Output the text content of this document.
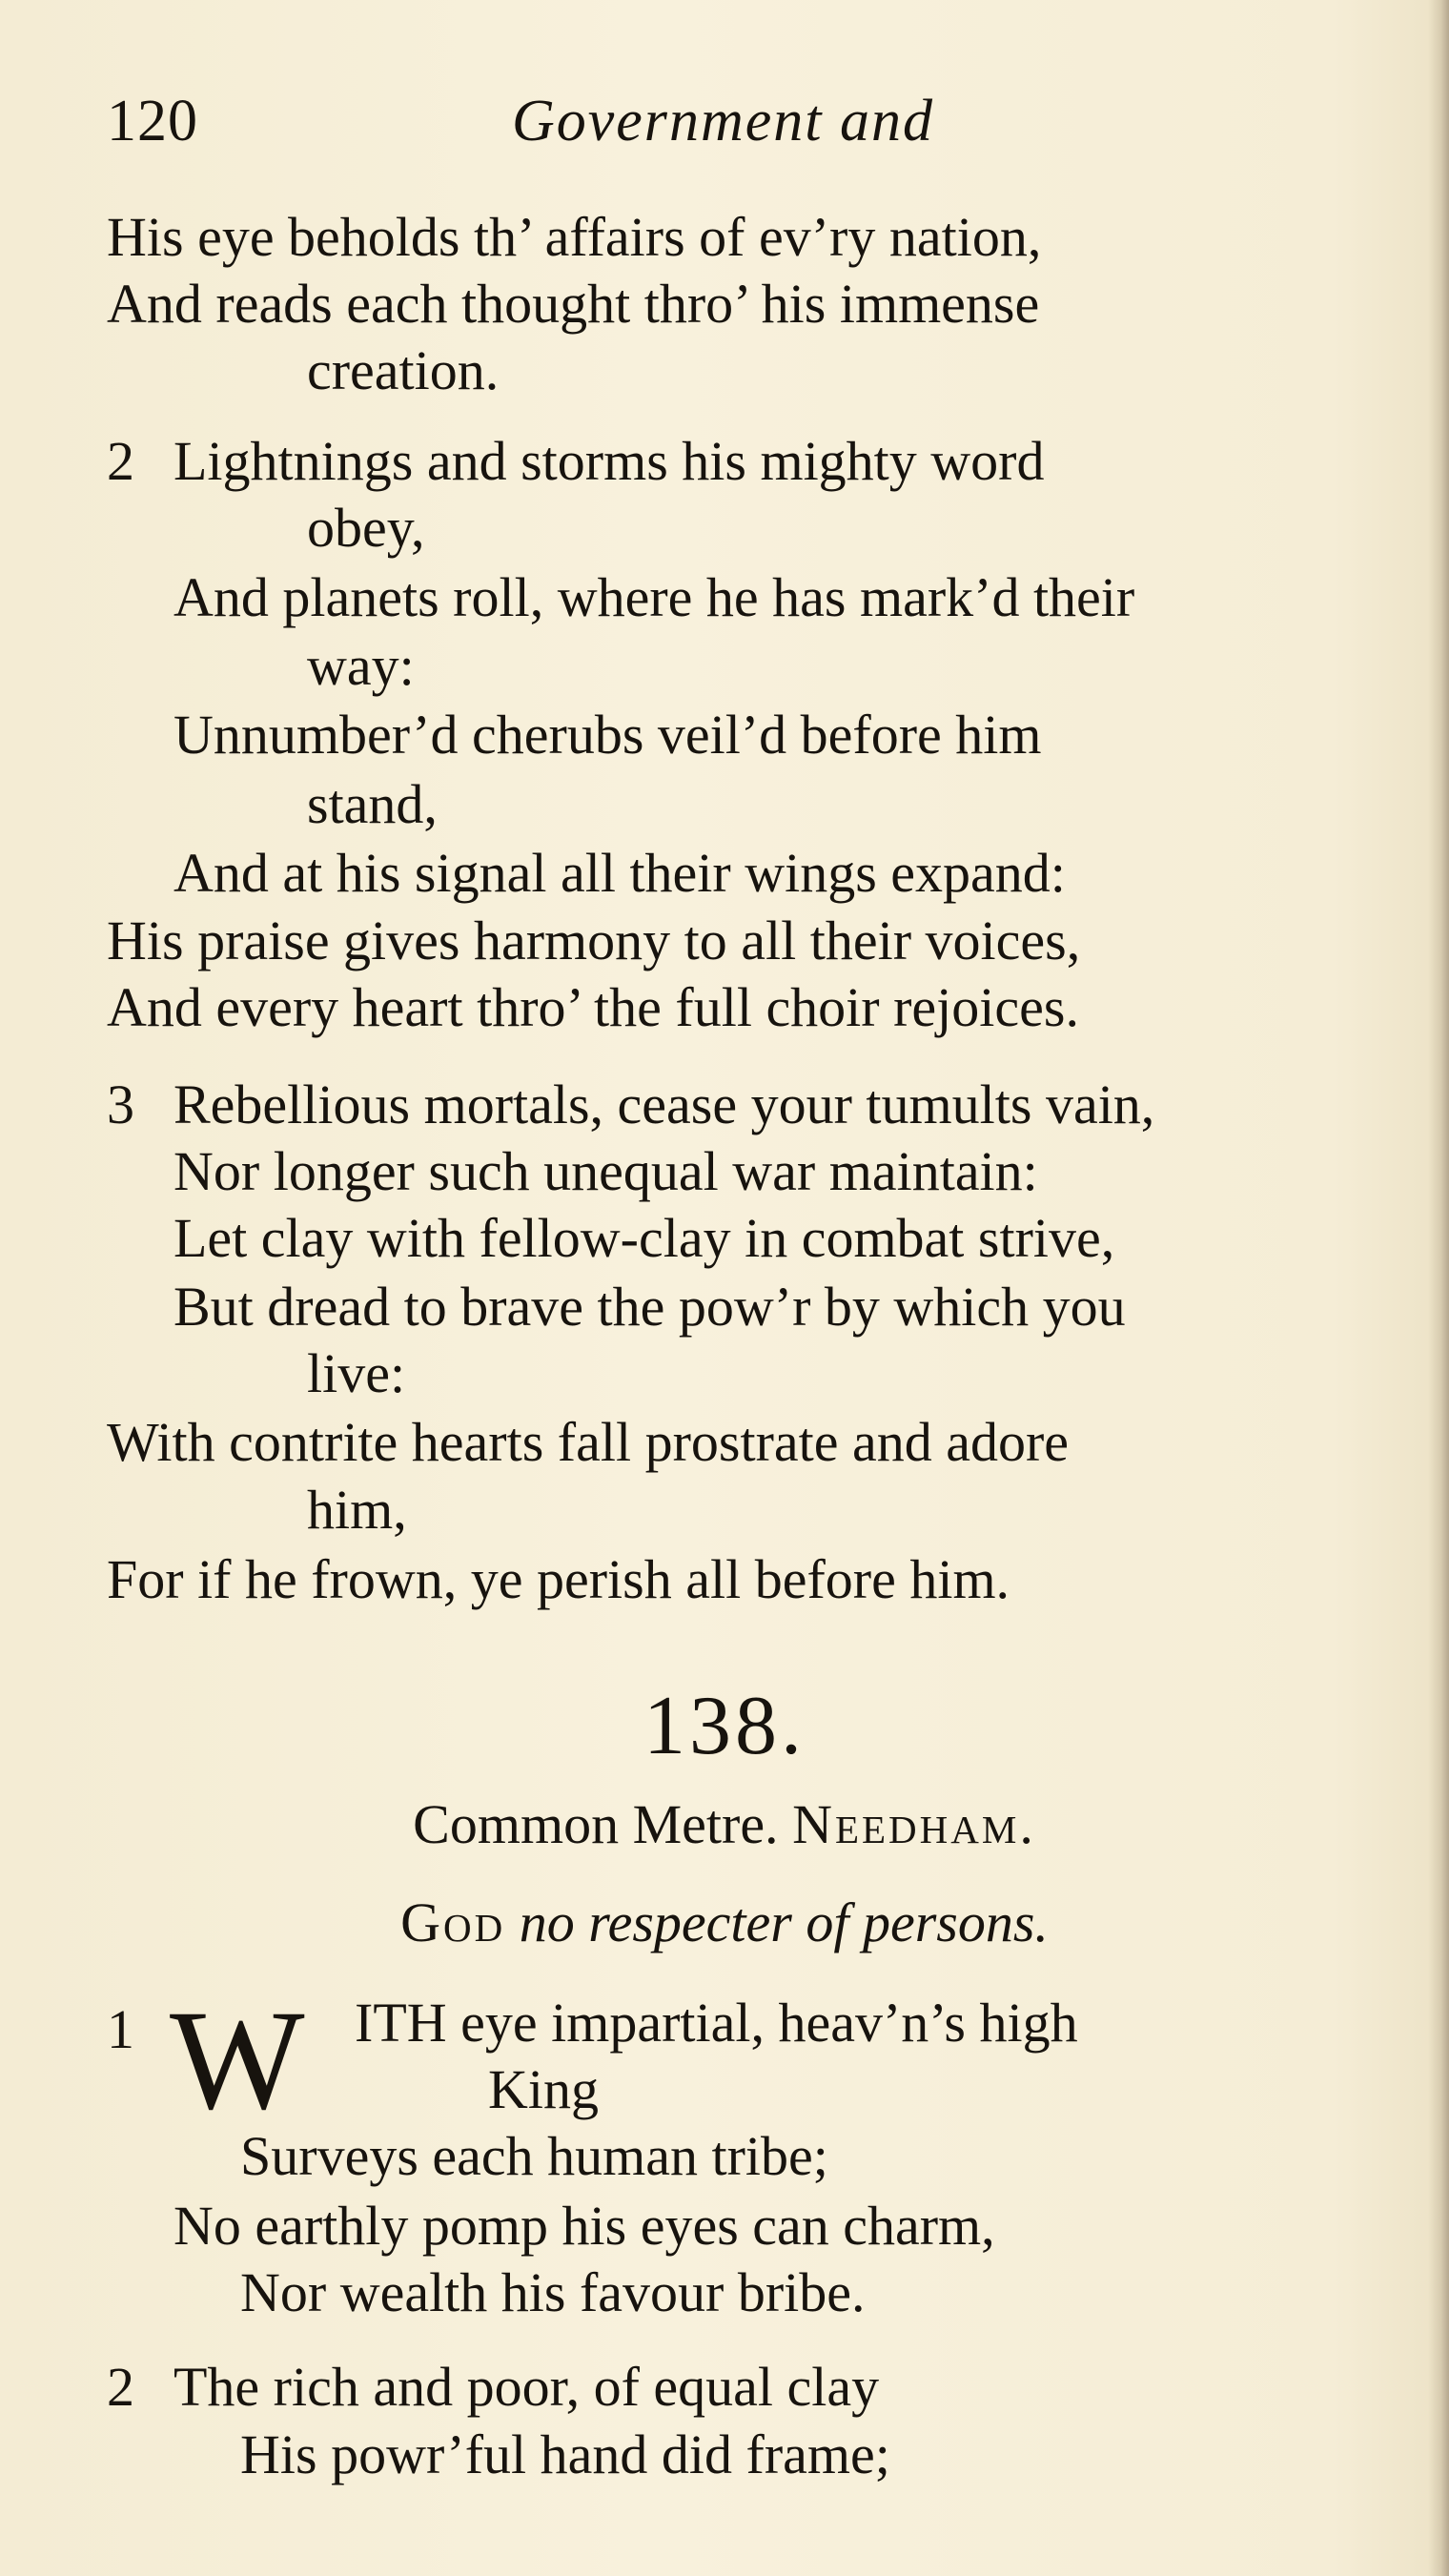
120	Government and
His eye beholds th’ affairs of ev’ry nation,
And reads each thought thro’ his immense
creation.
2 Lightnings and storms his mighty word
obey,
And planets roll, where he has mark’d their
way:
Unnumber’d cherubs veil’d before him
stand,
And at his signal all their wings expand:
His praise gives harmony to all their voices,
And every heart thro’ the full choir rejoices.
3 Rebellious mortals, cease your tumults vain,
Nor longer such unequal war maintain:
Let clay with fellow-clay in combat strive,
But dread to brave the pow’r by which you
live:
With contrite hearts fall prostrate and adore
him,
For if he frown, ye perish all before him.
138.
Common Metre. Needham.
God no respecter of persons.
1 W ITH eye impartial, heav’n’s high
King
Surveys each human tribe;
No earthly pomp his eyes can charm,
Nor wealth his favour bribe.
2 The rich and poor, of equal clay
His powr’ful hand did frame;
